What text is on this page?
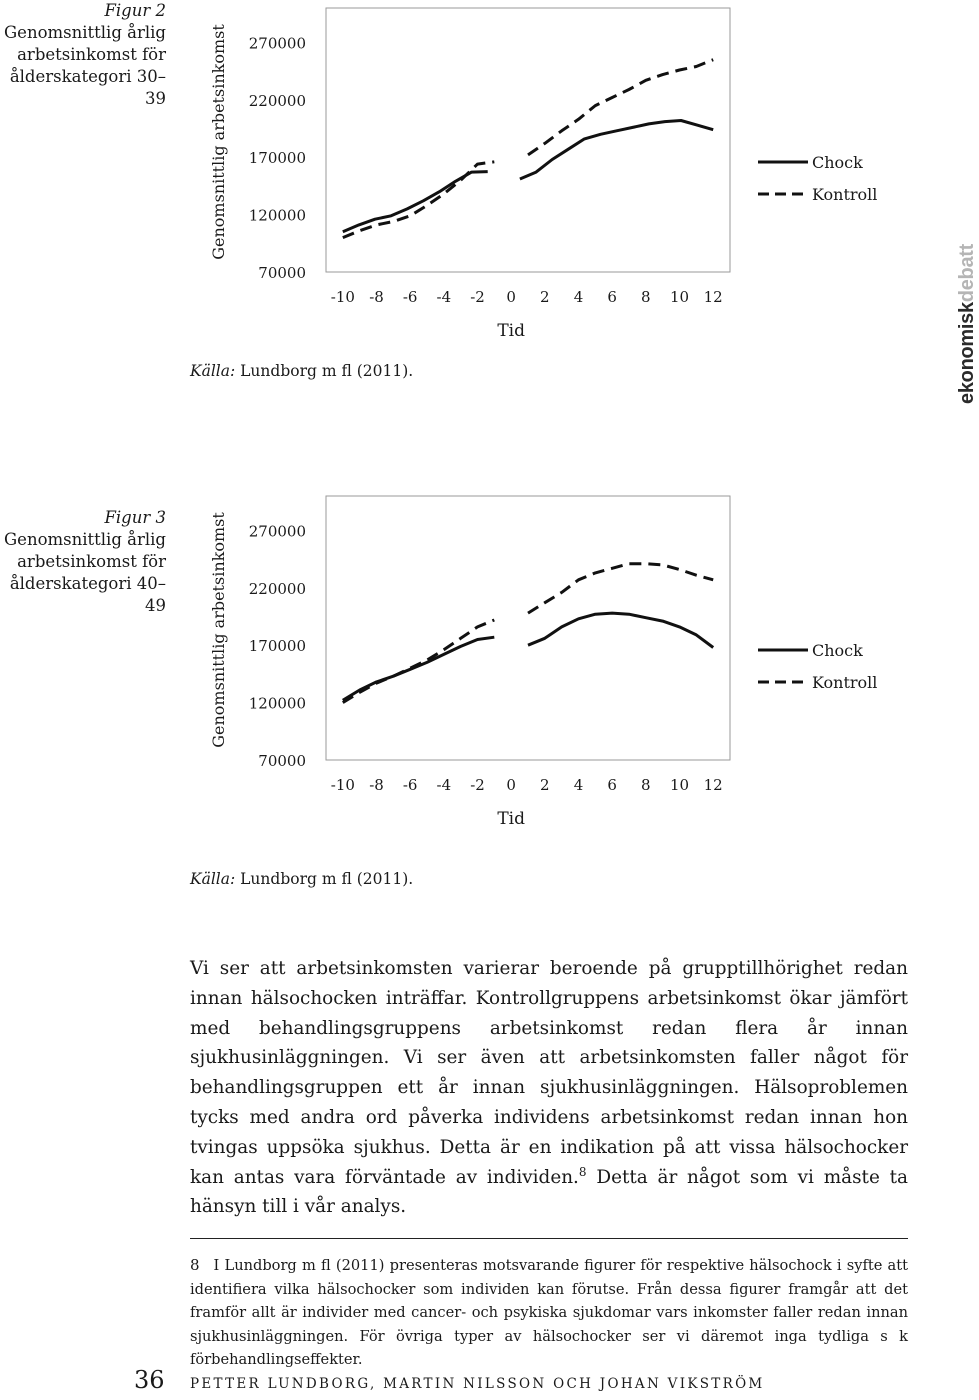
Figur 2
Genomsnittlig årlig arbetsinkomst för ålderskategori 30–39
270000
220000
170000
120000
70000
-10 -8 -6 -4 -2 0 2 4 6 8 10 12
Tid
Genomsnittlig arbetsinkomst	Chock
Kontroll
Källa: Lundborg m fl (2011).	ekonomiskdebatt
Figur 3
Genomsnittlig årlig arbetsinkomst för ålderskategori 40–49
270000
220000
170000
120000
70000
-10 -8 -6 -4 -2 0 2 4 6 8 10 12
Tid
Genomsnittlig arbetsinkomst	Chock
Kontroll
Källa: Lundborg m fl (2011).

Vi ser att arbetsinkomsten varierar beroende på grupptillhörighet redan innan hälsochocken inträffar. Kontrollgruppens arbetsinkomst ökar jämfört med behandlingsgruppens arbetsinkomst redan flera år innan sjukhusinläggningen. Vi ser även att arbetsinkomsten faller något för behandlingsgruppen ett år innan sjukhusinläggningen. Hälsoproblemen tycks med andra ord påverka individens arbetsinkomst redan innan hon tvingas uppsöka sjukhus. Detta är en indikation på att vissa hälsochocker kan antas vara förväntade av individen.$^8$ Detta är något som vi måste ta hänsyn till i vår analys.

8 I Lundborg m fl (2011) presenteras motsvarande figurer för respektive hälsochock i syfte att identifiera vilka hälsochocker som individen kan förutse. Från dessa figurer framgår att det framför allt är individer med cancer- och psykiska sjukdomar vars inkomster faller redan innan sjukhusinläggningen. För övriga typer av hälsochocker ser vi däremot inga tydliga s k förbehandlingseffekter.

36 PETTER LUNDBORG, MARTIN NILSSON OCH JOHAN VIKSTRÖM
